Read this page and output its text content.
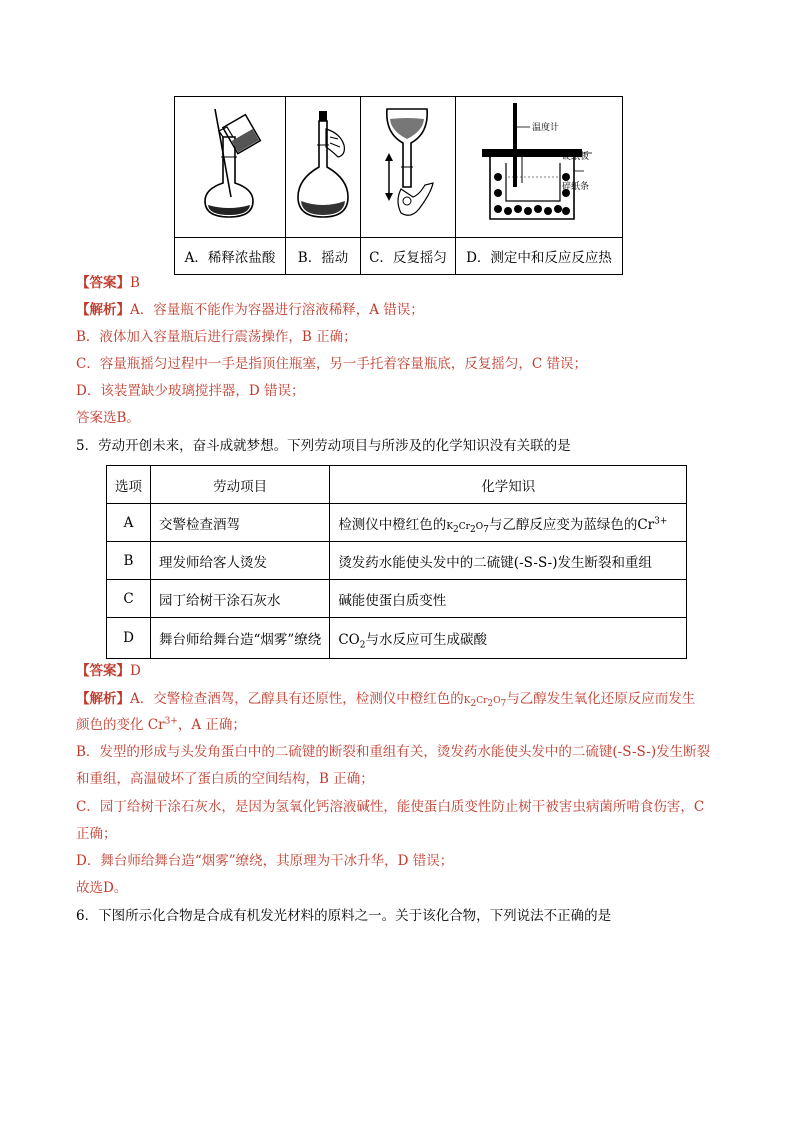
温度计
硬纸板
碎纸条

A．稀释浓盐酸	B．摇动	C．反复摇匀	D．测定中和反应反应热
【答案】B
【解析】A．容量瓶不能作为容器进行溶液稀释，A 错误；
B．液体加入容量瓶后进行震荡操作，B 正确；
C．容量瓶摇匀过程中一手是指顶住瓶塞，另一手托着容量瓶底，反复摇匀，C 错误；
D．该装置缺少玻璃搅拌器，D 错误；
答案选B。
5．劳动开创未来，奋斗成就梦想。下列劳动项目与所涉及的化学知识没有关联的是
选项	劳动项目	化学知识
A	交警检查酒驾	检测仪中橙红色的$K_2Cr_2O_7$与乙醇反应变为蓝绿色的$Cr^{3+}$
B	理发师给客人烫发	烫发药水能使头发中的二硫键(-S-S-)发生断裂和重组
C	园丁给树干涂石灰水	碱能使蛋白质变性
D	舞台师给舞台造“烟雾”缭绕	$CO_2$与水反应可生成碳酸
【答案】D
【解析】A．交警检查酒驾，乙醇具有还原性，检测仪中橙红色的$K_2Cr_2O_7$与乙醇发生氧化还原反应而发生
颜色的变化 $Cr^{3+}$，A 正确；
B．发型的形成与头发角蛋白中的二硫键的断裂和重组有关，烫发药水能使头发中的二硫键(-S-S-)发生断裂
和重组，高温破坏了蛋白质的空间结构，B 正确；
C．园丁给树干涂石灰水，是因为氢氧化钙溶液碱性，能使蛋白质变性防止树干被害虫病菌所啃食伤害，C
正确；
D．舞台师给舞台造“烟雾”缭绕，其原理为干冰升华，D 错误；
故选D。
6．下图所示化合物是合成有机发光材料的原料之一。关于该化合物，下列说法不正确的是
